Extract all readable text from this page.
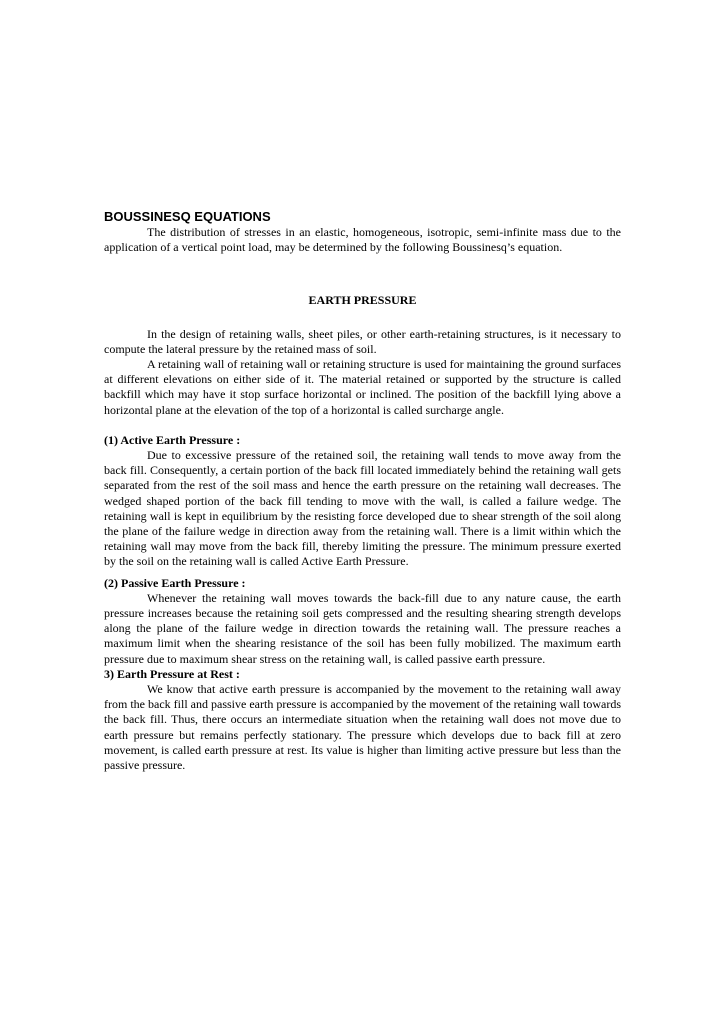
BOUSSINESQ EQUATIONS

The distribution of stresses in an elastic, homogeneous, isotropic, semi-infinite mass due to the application of a vertical point load, may be determined by the following Boussinesq’s equation.

EARTH PRESSURE

In the design of retaining walls, sheet piles, or other earth-retaining structures, is it necessary to compute the lateral pressure by the retained mass of soil.

A retaining wall of retaining wall or retaining structure is used for maintaining the ground surfaces at different elevations on either side of it. The material retained or supported by the structure is called backfill which may have it stop surface horizontal or inclined. The position of the backfill lying above a horizontal plane at the elevation of the top of a horizontal is called surcharge angle.

(1) Active Earth Pressure :

Due to excessive pressure of the retained soil, the retaining wall tends to move away from the back fill. Consequently, a certain portion of the back fill located immediately behind the retaining wall gets separated from the rest of the soil mass and hence the earth pressure on the retaining wall decreases. The wedged shaped portion of the back fill tending to move with the wall, is called a failure wedge. The retaining wall is kept in equilibrium by the resisting force developed due to shear strength of the soil along the plane of the failure wedge in direction away from the retaining wall. There is a limit within which the retaining wall may move from the back fill, thereby limiting the pressure. The minimum pressure exerted by the soil on the retaining wall is called Active Earth Pressure.

(2) Passive Earth Pressure :

Whenever the retaining wall moves towards the back-fill due to any nature cause, the earth pressure increases because the retaining soil gets compressed and the resulting shearing strength develops along the plane of the failure wedge in direction towards the retaining wall. The pressure reaches a maximum limit when the shearing resistance of the soil has been fully mobilized. The maximum earth pressure due to maximum shear stress on the retaining wall, is called passive earth pressure.

3) Earth Pressure at Rest :

We know that active earth pressure is accompanied by the movement to the retaining wall away from the back fill and passive earth pressure is accompanied by the movement of the retaining wall towards the back fill. Thus, there occurs an intermediate situation when the retaining wall does not move due to earth pressure but remains perfectly stationary. The pressure which develops due to back fill at zero movement, is called earth pressure at rest. Its value is higher than limiting active pressure but less than the passive pressure.
